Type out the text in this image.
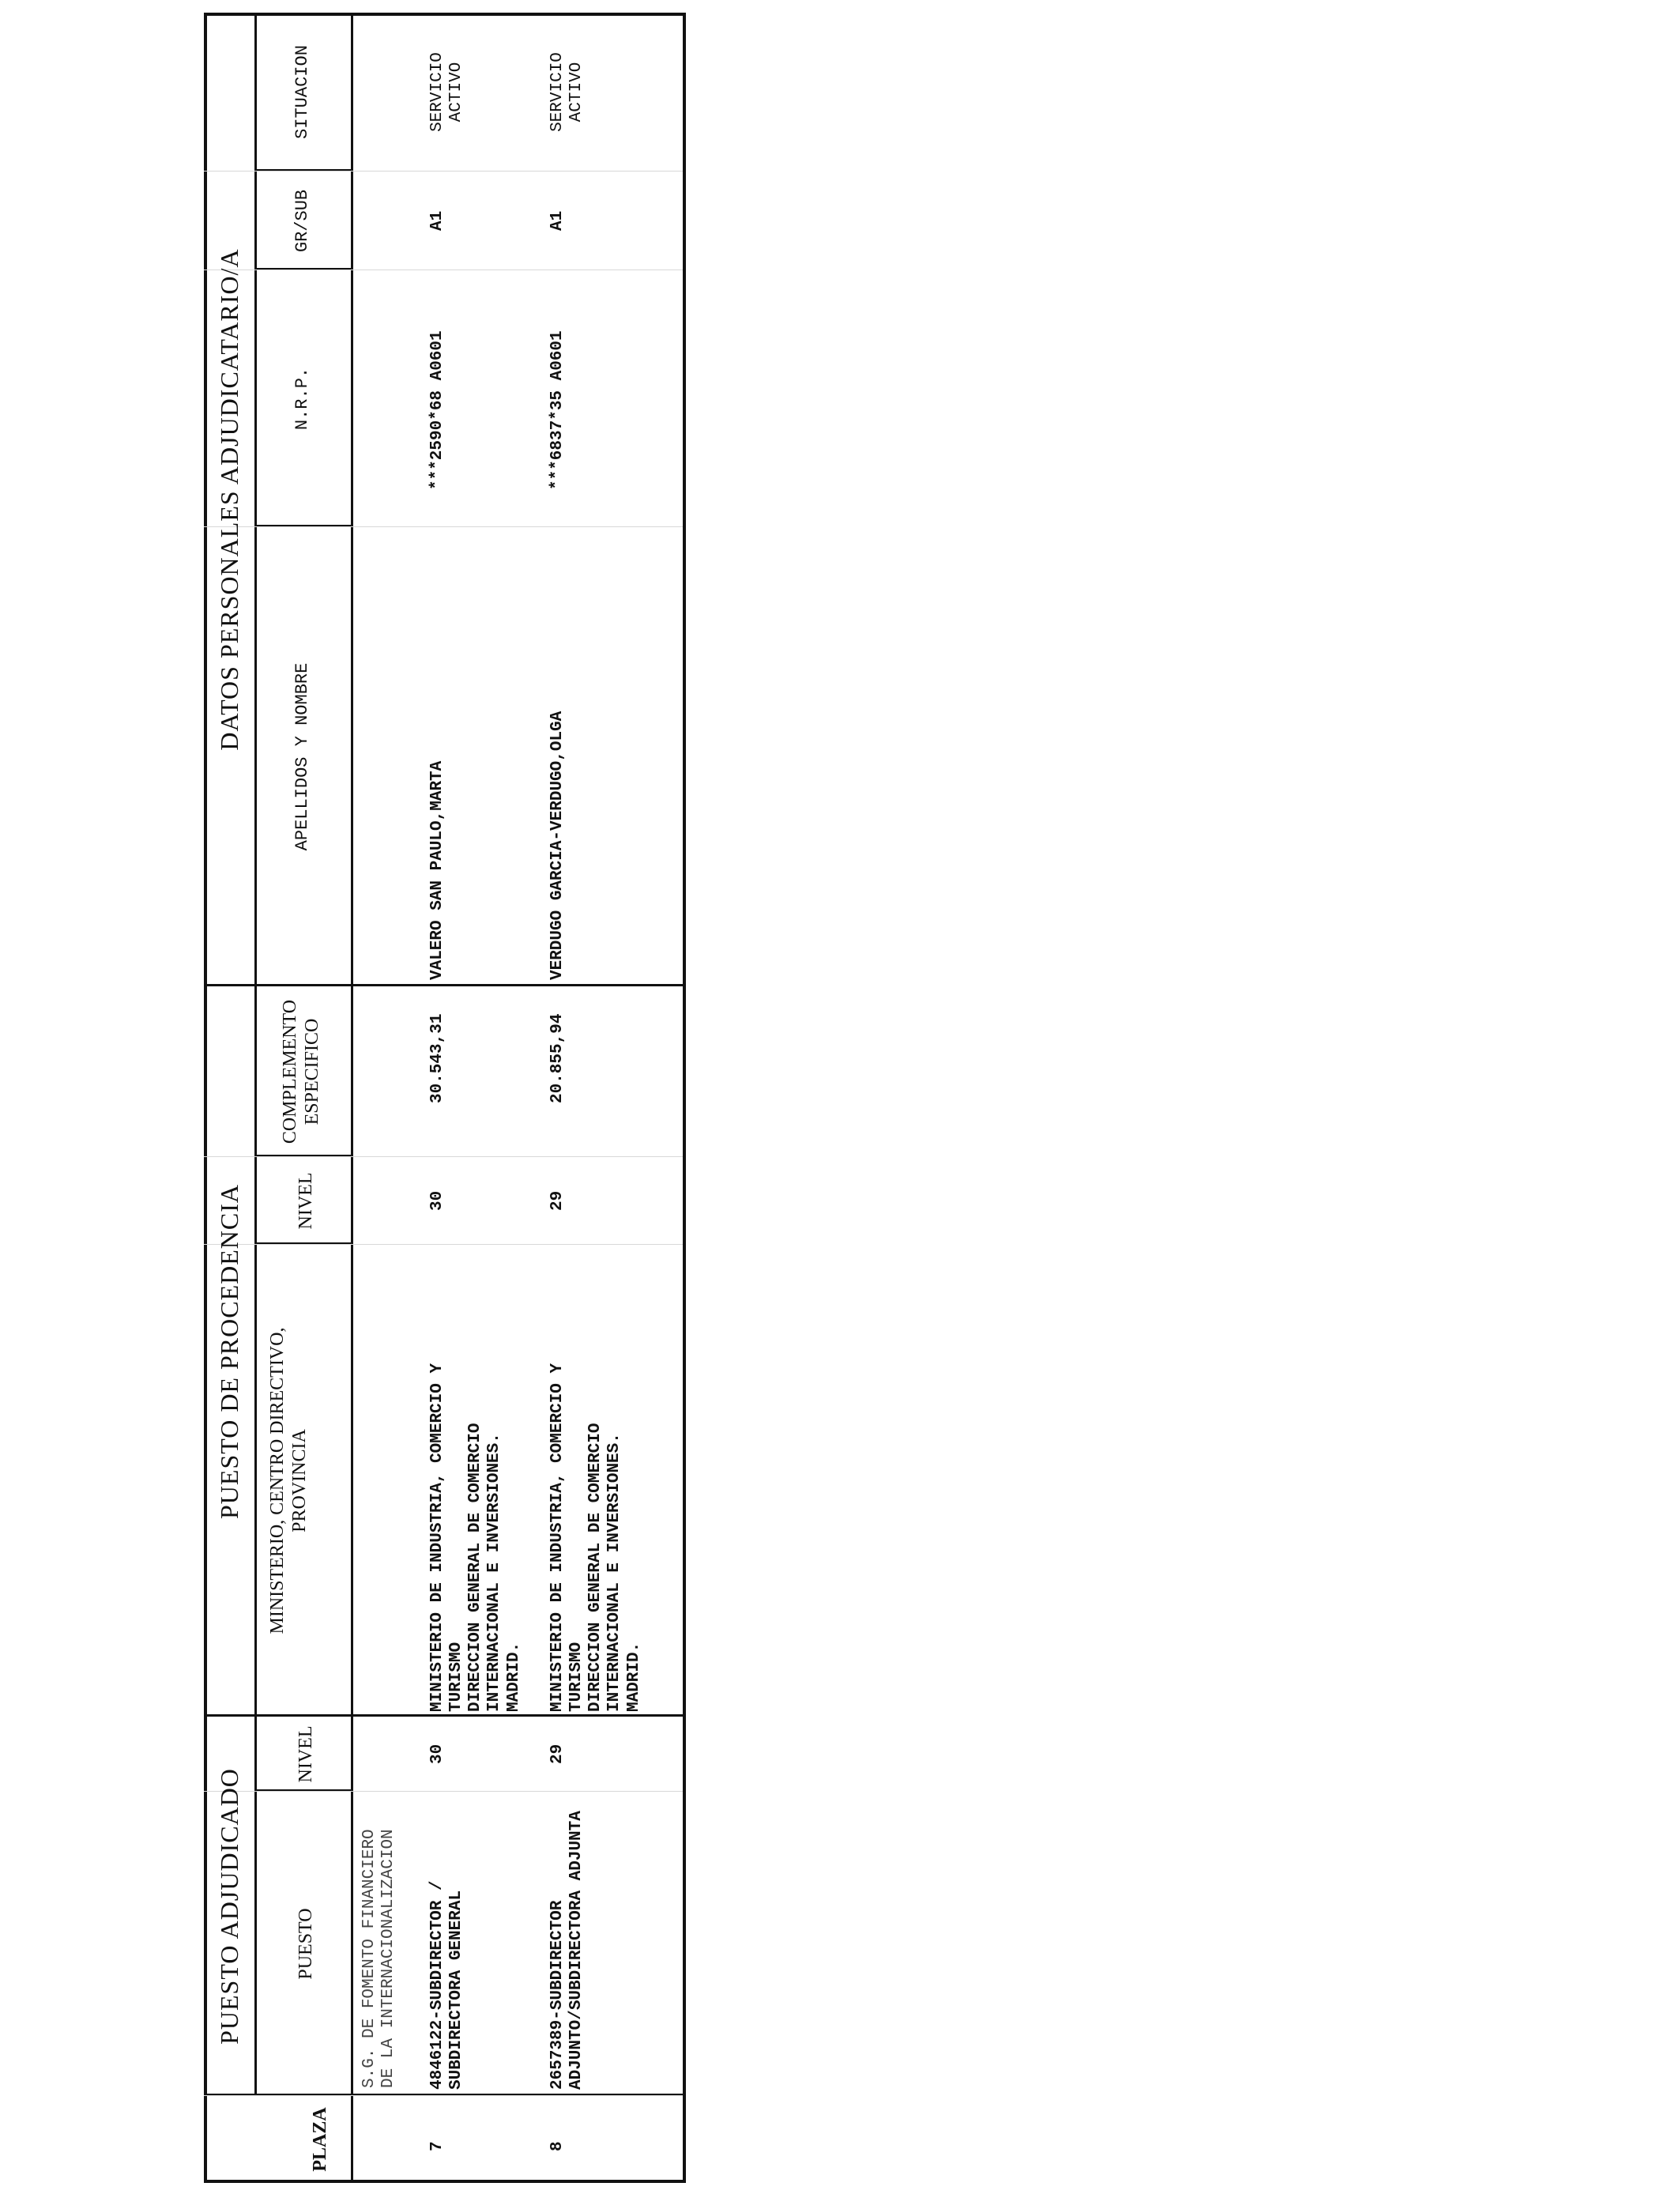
PUESTO ADJUDICADO
PUESTO DE PROCEDENCIA
DATOS PERSONALES ADJUDICATARIO/A
PLAZA
PUESTO
NIVEL
MINISTERIO, CENTRO DIRECTIVO, PROVINCIA
NIVEL
COMPLEMENTO ESPECIFICO
APELLIDOS Y NOMBRE
N.R.P.
GR/SUB
SITUACION
S.G. DE FOMENTO FINANCIERO DE LA INTERNACIONALIZACION
7
4846122-SUBDIRECTOR / SUBDIRECTORA GENERAL
30
MINISTERIO DE INDUSTRIA, COMERCIO Y TURISMO DIRECCION GENERAL DE COMERCIO INTERNACIONAL E INVERSIONES. MADRID.
30
30.543,31
VALERO SAN PAULO,MARTA
***2590*68 A0601
A1
SERVICIO ACTIVO
8
2657389-SUBDIRECTOR ADJUNTO/SUBDIRECTORA ADJUNTA
29
MINISTERIO DE INDUSTRIA, COMERCIO Y TURISMO DIRECCION GENERAL DE COMERCIO INTERNACIONAL E INVERSIONES. MADRID.
29
20.855,94
VERDUGO GARCIA-VERDUGO,OLGA
***6837*35 A0601
A1
SERVICIO ACTIVO
